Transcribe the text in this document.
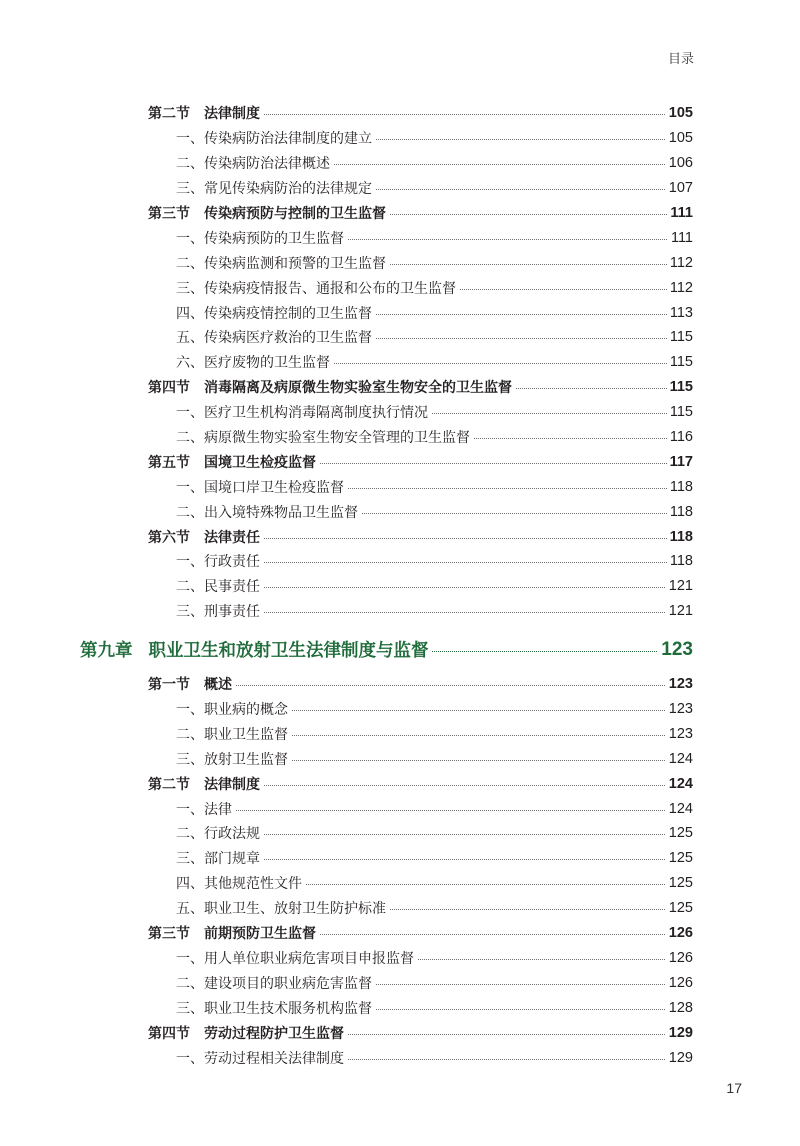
目录
第二节 法律制度	105
一、传染病防治法律制度的建立	105
二、传染病防治法律概述	106
三、常见传染病防治的法律规定	107
第三节 传染病预防与控制的卫生监督	111
一、传染病预防的卫生监督	111
二、传染病监测和预警的卫生监督	112
三、传染病疫情报告、通报和公布的卫生监督	112
四、传染病疫情控制的卫生监督	113
五、传染病医疗救治的卫生监督	115
六、医疗废物的卫生监督	115
第四节 消毒隔离及病原微生物实验室生物安全的卫生监督	115
一、医疗卫生机构消毒隔离制度执行情况	115
二、病原微生物实验室生物安全管理的卫生监督	116
第五节 国境卫生检疫监督	117
一、国境口岸卫生检疫监督	118
二、出入境特殊物品卫生监督	118
第六节 法律责任	118
一、行政责任	118
二、民事责任	121
三、刑事责任	121
第九章 职业卫生和放射卫生法律制度与监督	123
第一节 概述	123
一、职业病的概念	123
二、职业卫生监督	123
三、放射卫生监督	124
第二节 法律制度	124
一、法律	124
二、行政法规	125
三、部门规章	125
四、其他规范性文件	125
五、职业卫生、放射卫生防护标准	125
第三节 前期预防卫生监督	126
一、用人单位职业病危害项目申报监督	126
二、建设项目的职业病危害监督	126
三、职业卫生技术服务机构监督	128
第四节 劳动过程防护卫生监督	129
一、劳动过程相关法律制度	129
17
